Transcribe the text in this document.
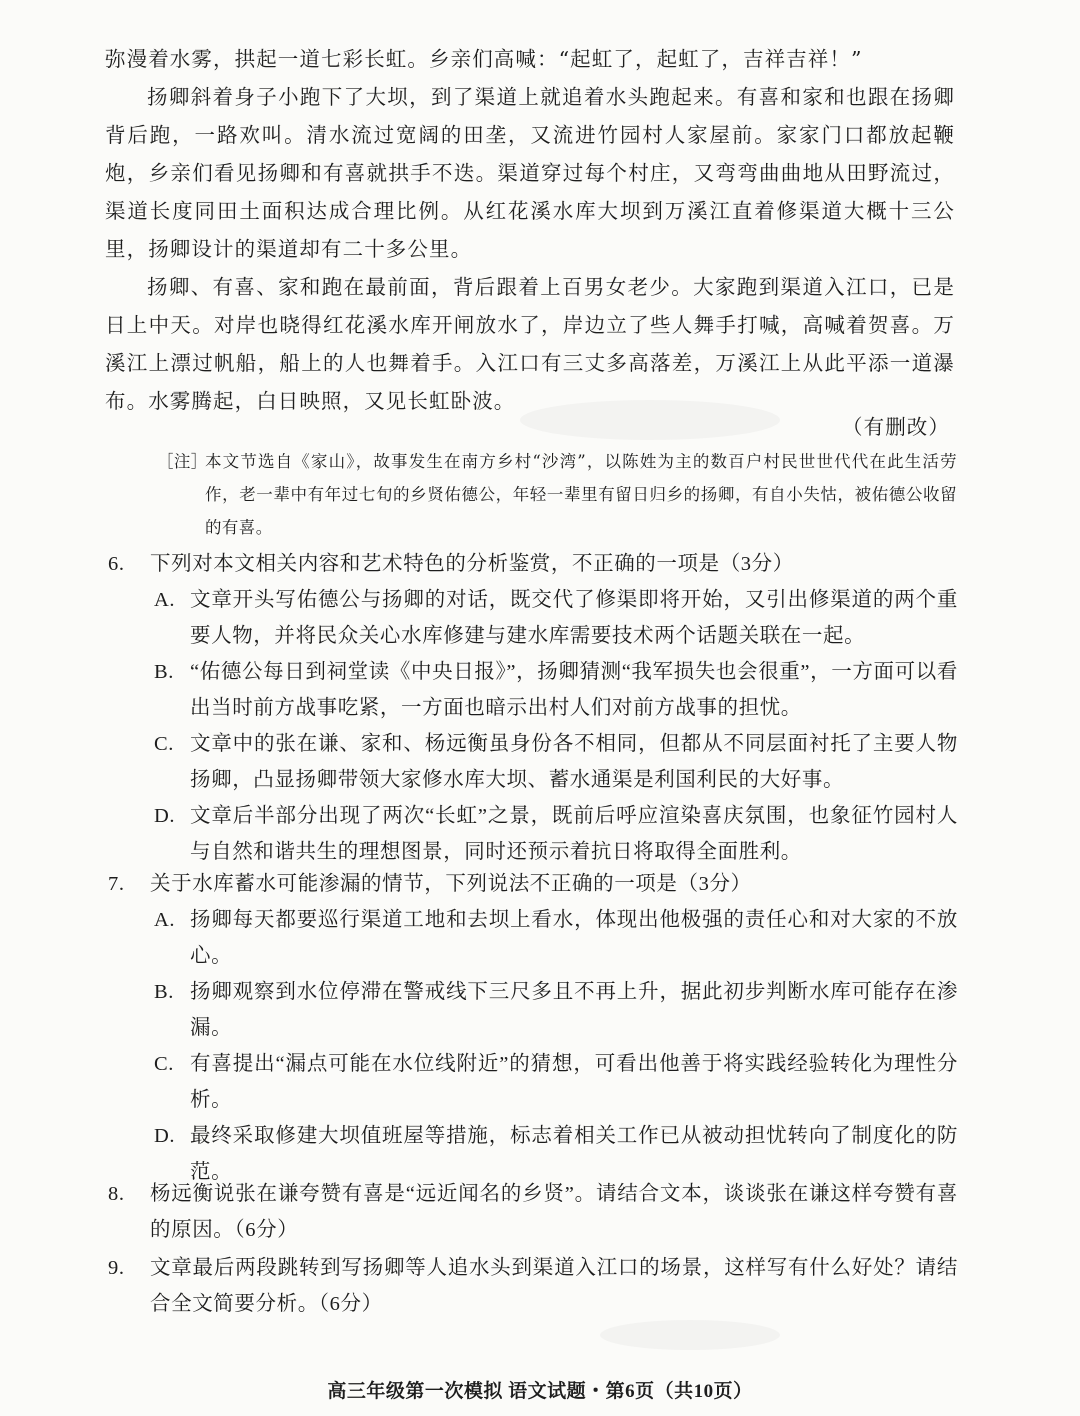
弥漫着水雾，拱起一道七彩长虹。乡亲们高喊：“起虹了，起虹了，吉祥吉祥！”

扬卿斜着身子小跑下了大坝，到了渠道上就追着水头跑起来。有喜和家和也跟在扬卿背后跑，一路欢叫。清水流过宽阔的田垄，又流进竹园村人家屋前。家家门口都放起鞭炮，乡亲们看见扬卿和有喜就拱手不迭。渠道穿过每个村庄，又弯弯曲曲地从田野流过，渠道长度同田土面积达成合理比例。从红花溪水库大坝到万溪江直着修渠道大概十三公里，扬卿设计的渠道却有二十多公里。

扬卿、有喜、家和跑在最前面，背后跟着上百男女老少。大家跑到渠道入江口，已是日上中天。对岸也晓得红花溪水库开闸放水了，岸边立了些人舞手打喊，高喊着贺喜。万溪江上漂过帆船，船上的人也舞着手。入江口有三丈多高落差，万溪江上从此平添一道瀑布。水雾腾起，白日映照，又见长虹卧波。

（有删改）
［注］
本文节选自《家山》，故事发生在南方乡村“沙湾”，以陈姓为主的数百户村民世世代代在此生活劳作，老一辈中有年过七旬的乡贤佑德公，年轻一辈里有留日归乡的扬卿，有自小失怙，被佑德公收留的有喜。
6.	下列对本文相关内容和艺术特色的分析鉴赏，不正确的一项是（3分）
A. 文章开头写佑德公与扬卿的对话，既交代了修渠即将开始，又引出修渠道的两个重要人物，并将民众关心水库修建与建水库需要技术两个话题关联在一起。
B. “佑德公每日到祠堂读《中央日报》”，扬卿猜测“我军损失也会很重”，一方面可以看出当时前方战事吃紧，一方面也暗示出村人们对前方战事的担忧。
C. 文章中的张在谦、家和、杨远衡虽身份各不相同，但都从不同层面衬托了主要人物扬卿，凸显扬卿带领大家修水库大坝、蓄水通渠是利国利民的大好事。
D. 文章后半部分出现了两次“长虹”之景，既前后呼应渲染喜庆氛围，也象征竹园村人与自然和谐共生的理想图景，同时还预示着抗日将取得全面胜利。
7.	关于水库蓄水可能渗漏的情节，下列说法不正确的一项是（3分）
A. 扬卿每天都要巡行渠道工地和去坝上看水，体现出他极强的责任心和对大家的不放心。
B. 扬卿观察到水位停滞在警戒线下三尺多且不再上升，据此初步判断水库可能存在渗漏。
C. 有喜提出“漏点可能在水位线附近”的猜想，可看出他善于将实践经验转化为理性分析。
D. 最终采取修建大坝值班屋等措施，标志着相关工作已从被动担忧转向了制度化的防范。
8.	杨远衡说张在谦夸赞有喜是“远近闻名的乡贤”。请结合文本，谈谈张在谦这样夸赞有喜的原因。（6分）
9.	文章最后两段跳转到写扬卿等人追水头到渠道入江口的场景，这样写有什么好处？请结合全文简要分析。（6分）
高三年级第一次模拟 语文试题・第6页（共10页）
